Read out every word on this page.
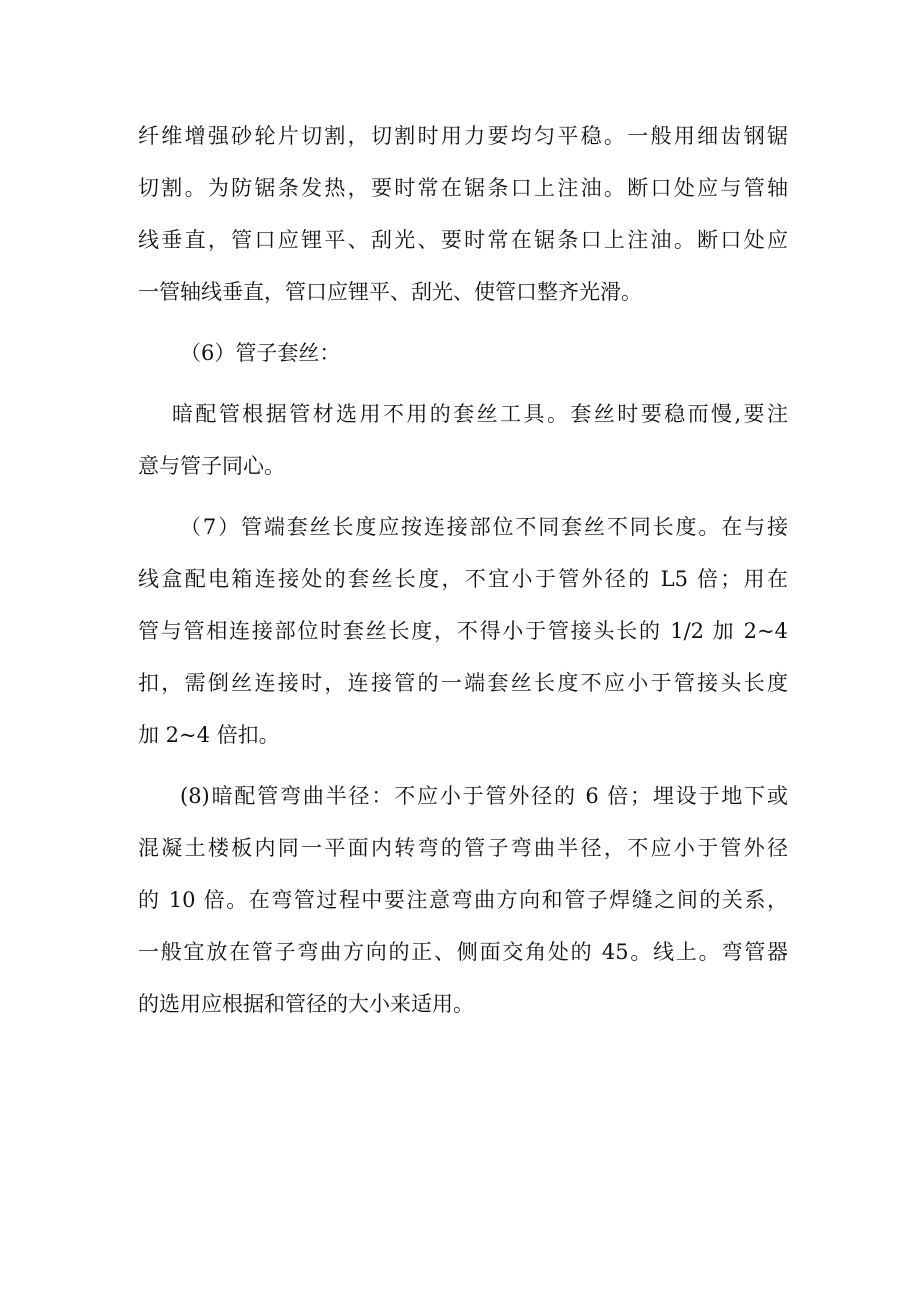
纤维增强砂轮片切割，切割时用力要均匀平稳。一般用细齿钢锯
切割。为防锯条发热，要时常在锯条口上注油。断口处应与管轴
线垂直，管口应锂平、刮光、要时常在锯条口上注油。断口处应
一管轴线垂直，管口应锂平、刮光、使管口整齐光滑。
（6）管子套丝：
暗配管根据管材选用不用的套丝工具。套丝时要稳而慢,要注
意与管子同心。
（7）管端套丝长度应按连接部位不同套丝不同长度。在与接
线盒配电箱连接处的套丝长度，不宜小于管外径的 L5 倍；用在
管与管相连接部位时套丝长度，不得小于管接头长的 1/2 加 2~4
扣，需倒丝连接时，连接管的一端套丝长度不应小于管接头长度
加 2~4 倍扣。
(8)暗配管弯曲半径：不应小于管外径的 6 倍；埋设于地下或
混凝土楼板内同一平面内转弯的管子弯曲半径，不应小于管外径
的 10 倍。在弯管过程中要注意弯曲方向和管子焊缝之间的关系，
一般宜放在管子弯曲方向的正、侧面交角处的 45。线上。弯管器
的选用应根据和管径的大小来适用。
